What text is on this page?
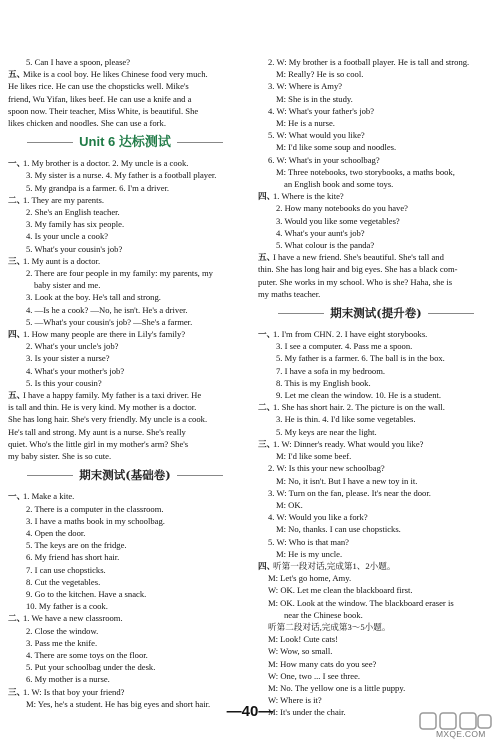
5. Can I have a spoon, please?
五、Mike is a cool boy. He likes Chinese food very much.
He likes rice. He can use the chopsticks well. Mike's
friend, Wu Yifan, likes beef. He can use a knife and a
spoon now. Their teacher, Miss White, is beautiful. She
likes chicken and noodles. She can use a fork.
Unit 6 达标测试
一、1. My brother is a doctor. 2. My uncle is a cook.
3. My sister is a nurse. 4. My father is a football player.
5. My grandpa is a farmer. 6. I'm a driver.
二、1. They are my parents.
2. She's an English teacher.
3. My family has six people.
4. Is your uncle a cook?
5. What's your cousin's job?
三、1. My aunt is a doctor.
2. There are four people in my family: my parents, my
baby sister and me.
3. Look at the boy. He's tall and strong.
4. —Is he a cook? —No, he isn't. He's a driver.
5. —What's your cousin's job? —She's a farmer.
四、1. How many people are there in Lily's family?
2. What's your uncle's job?
3. Is your sister a nurse?
4. What's your mother's job?
5. Is this your cousin?
五、I have a happy family. My father is a taxi driver. He
is tall and thin. He is very kind. My mother is a doctor.
She has long hair. She's very friendly. My uncle is a cook.
He's tall and strong. My aunt is a nurse. She's really
quiet. Who's the little girl in my mother's arm? She's
my baby sister. She is so cute.
期末测试(基础卷)
一、1. Make a kite.
2. There is a computer in the classroom.
3. I have a maths book in my schoolbag.
4. Open the door.
5. The keys are on the fridge.
6. My friend has short hair.
7. I can use chopsticks.
8. Cut the vegetables.
9. Go to the kitchen. Have a snack.
10. My father is a cook.
二、1. We have a new classroom.
2. Close the window.
3. Pass me the knife.
4. There are some toys on the floor.
5. Put your schoolbag under the desk.
6. My mother is a nurse.
三、1. W: Is that boy your friend?
M: Yes, he's a student. He has big eyes and short hair.
2. W: My brother is a football player. He is tall and strong.
M: Really? He is so cool.
3. W: Where is Amy?
M: She is in the study.
4. W: What's your father's job?
M: He is a nurse.
5. W: What would you like?
M: I'd like some soup and noodles.
6. W: What's in your schoolbag?
M: Three notebooks, two storybooks, a maths book,
an English book and some toys.
四、1. Where is the kite?
2. How many notebooks do you have?
3. Would you like some vegetables?
4. What's your aunt's job?
5. What colour is the panda?
五、I have a new friend. She's beautiful. She's tall and
thin. She has long hair and big eyes. She has a black com-
puter. She works in my school. Who is she? Haha, she is
my maths teacher.
期末测试(提升卷)
一、1. I'm from CHN. 2. I have eight storybooks.
3. I see a computer. 4. Pass me a spoon.
5. My father is a farmer. 6. The ball is in the box.
7. I have a sofa in my bedroom.
8. This is my English book.
9. Let me clean the window. 10. He is a student.
二、1. She has short hair. 2. The picture is on the wall.
3. He is thin. 4. I'd like some vegetables.
5. My keys are near the light.
三、1. W: Dinner's ready. What would you like?
M: I'd like some beef.
2. W: Is this your new schoolbag?
M: No, it isn't. But I have a new toy in it.
3. W: Turn on the fan, please. It's near the door.
M: OK.
4. W: Would you like a fork?
M: No, thanks. I can use chopsticks.
5. W: Who is that man?
M: He is my uncle.
四、听第一段对话,完成第1、2小题。
M: Let's go home, Amy.
W: OK. Let me clean the blackboard first.
M: OK. Look at the window. The blackboard eraser is
near the Chinese book.
听第二段对话,完成第3～5小题。
M: Look! Cute cats!
W: Wow, so small.
M: How many cats do you see?
W: One, two ... I see three.
M: No. The yellow one is a little puppy.
W: Where is it?
M: It's under the chair.
—40—
MXQE.COM
